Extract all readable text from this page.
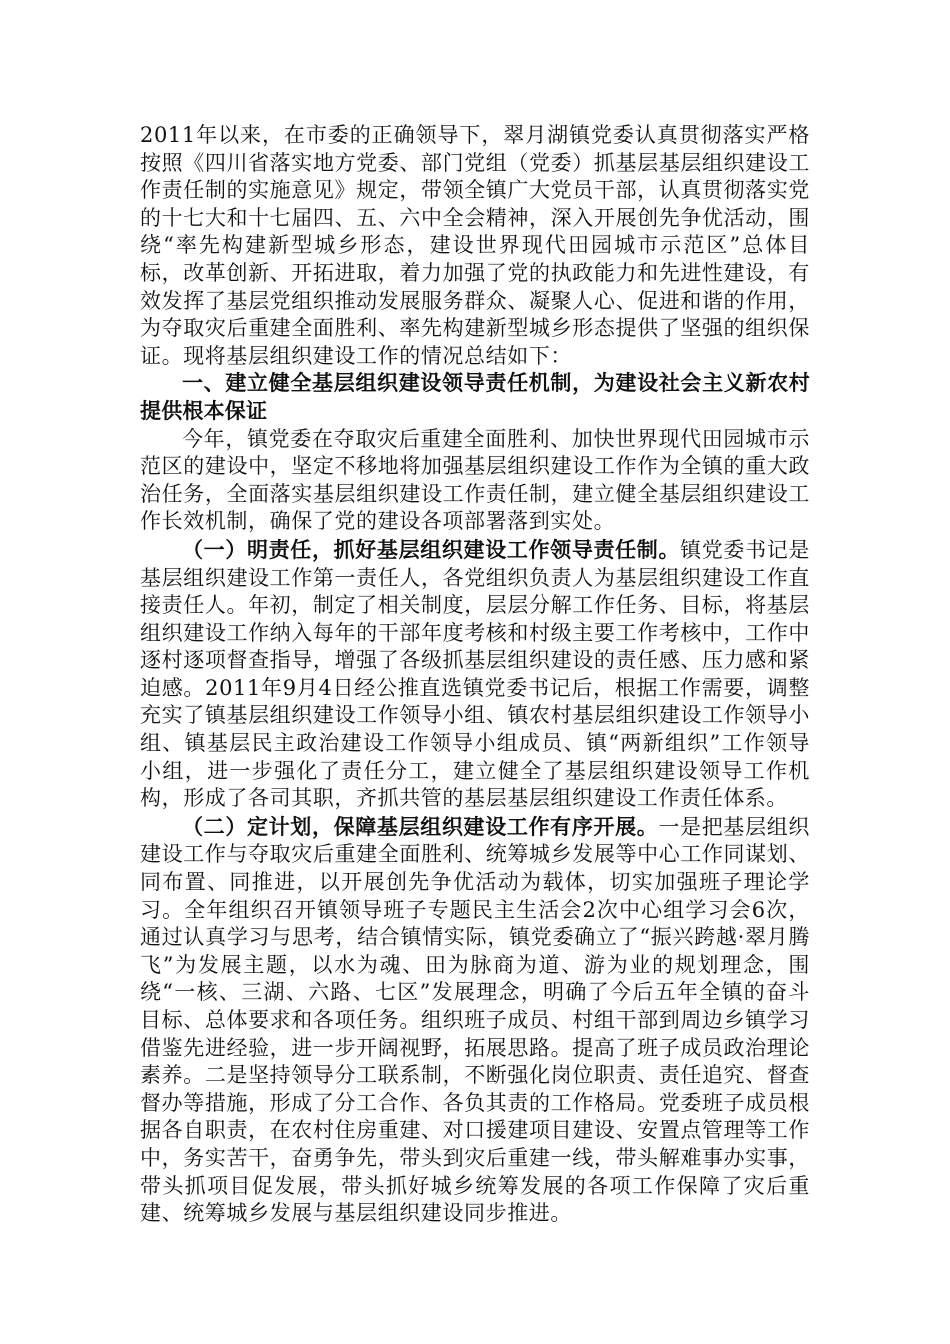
2011年以来，在市委的正确领导下，翠月湖镇党委认真贯彻落实严格按照《四川省落实地方党委、部门党组（党委）抓基层基层组织建设工作责任制的实施意见》规定，带领全镇广大党员干部，认真贯彻落实党的十七大和十七届四、五、六中全会精神，深入开展创先争优活动，围绕“率先构建新型城乡形态，建设世界现代田园城市示范区”总体目标，改革创新、开拓进取，着力加强了党的执政能力和先进性建设，有效发挥了基层党组织推动发展服务群众、凝聚人心、促进和谐的作用，为夺取灾后重建全面胜利、率先构建新型城乡形态提供了坚强的组织保证。现将基层组织建设工作的情况总结如下：

一、建立健全基层组织建设领导责任机制，为建设社会主义新农村提供根本保证

今年，镇党委在夺取灾后重建全面胜利、加快世界现代田园城市示范区的建设中，坚定不移地将加强基层组织建设工作作为全镇的重大政治任务，全面落实基层组织建设工作责任制，建立健全基层组织建设工作长效机制，确保了党的建设各项部署落到实处。

（一）明责任，抓好基层组织建设工作领导责任制。镇党委书记是基层组织建设工作第一责任人，各党组织负责人为基层组织建设工作直接责任人。年初，制定了相关制度，层层分解工作任务、目标，将基层组织建设工作纳入每年的干部年度考核和村级主要工作考核中，工作中逐村逐项督查指导，增强了各级抓基层组织建设的责任感、压力感和紧迫感。2011年9月4日经公推直选镇党委书记后，根据工作需要，调整充实了镇基层组织建设工作领导小组、镇农村基层组织建设工作领导小组、镇基层民主政治建设工作领导小组成员、镇“两新组织”工作领导小组，进一步强化了责任分工，建立健全了基层组织建设领导工作机构，形成了各司其职，齐抓共管的基层基层组织建设工作责任体系。

（二）定计划，保障基层组织建设工作有序开展。一是把基层组织建设工作与夺取灾后重建全面胜利、统筹城乡发展等中心工作同谋划、同布置、同推进，以开展创先争优活动为载体，切实加强班子理论学习。全年组织召开镇领导班子专题民主生活会2次中心组学习会6次，通过认真学习与思考，结合镇情实际，镇党委确立了“振兴跨越·翠月腾飞”为发展主题，以水为魂、田为脉商为道、游为业的规划理念，围绕“一核、三湖、六路、七区”发展理念，明确了今后五年全镇的奋斗目标、总体要求和各项任务。组织班子成员、村组干部到周边乡镇学习借鉴先进经验，进一步开阔视野，拓展思路。提高了班子成员政治理论素养。二是坚持领导分工联系制，不断强化岗位职责、责任追究、督查督办等措施，形成了分工合作、各负其责的工作格局。党委班子成员根据各自职责，在农村住房重建、对口援建项目建设、安置点管理等工作中，务实苦干，奋勇争先，带头到灾后重建一线，带头解难事办实事，带头抓项目促发展，带头抓好城乡统筹发展的各项工作保障了灾后重建、统筹城乡发展与基层组织建设同步推进。
